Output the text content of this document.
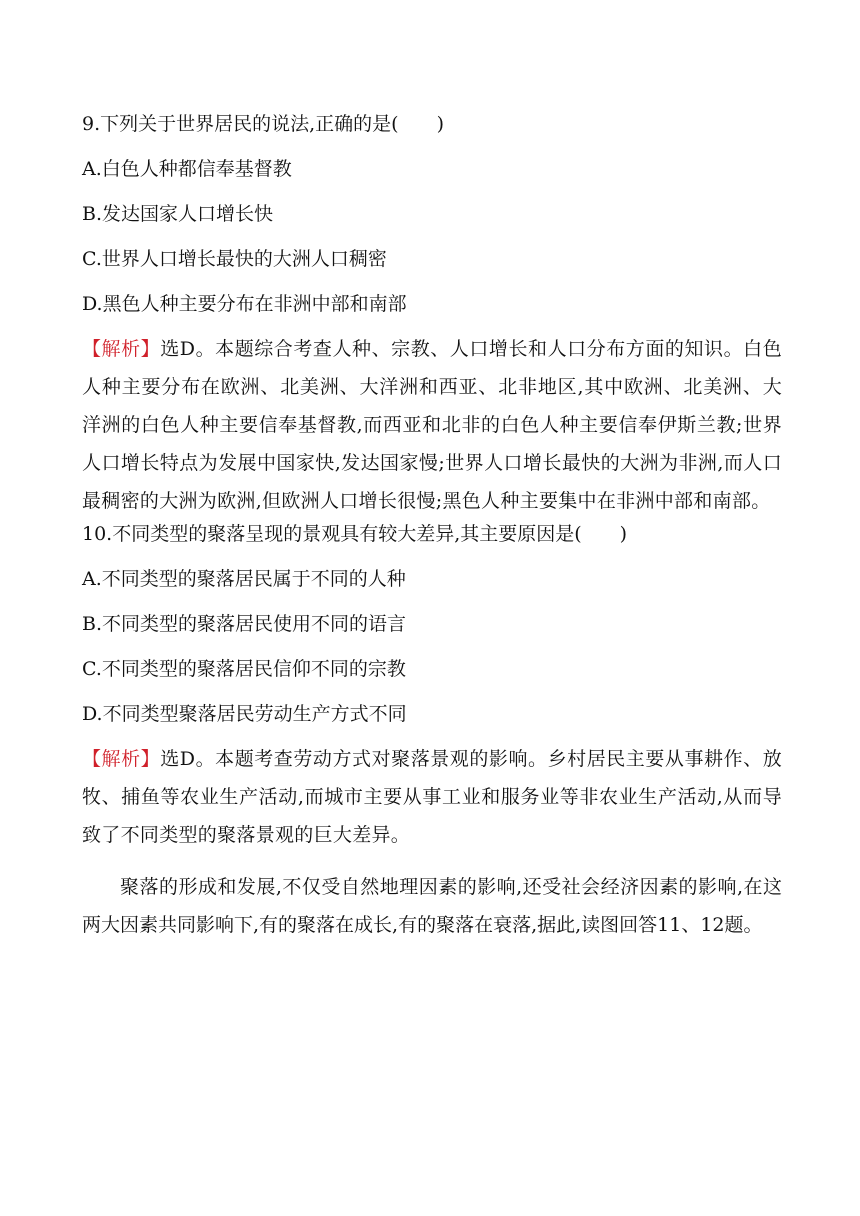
9.下列关于世界居民的说法,正确的是(　　)

A.白色人种都信奉基督教

B.发达国家人口增长快

C.世界人口增长最快的大洲人口稠密

D.黑色人种主要分布在非洲中部和南部

【解析】选D。本题综合考查人种、宗教、人口增长和人口分布方面的知识。白色人种主要分布在欧洲、北美洲、大洋洲和西亚、北非地区,其中欧洲、北美洲、大洋洲的白色人种主要信奉基督教,而西亚和北非的白色人种主要信奉伊斯兰教;世界人口增长特点为发展中国家快,发达国家慢;世界人口增长最快的大洲为非洲,而人口最稠密的大洲为欧洲,但欧洲人口增长很慢;黑色人种主要集中在非洲中部和南部。

10.不同类型的聚落呈现的景观具有较大差异,其主要原因是(　　)

A.不同类型的聚落居民属于不同的人种

B.不同类型的聚落居民使用不同的语言

C.不同类型的聚落居民信仰不同的宗教

D.不同类型聚落居民劳动生产方式不同

【解析】选D。本题考查劳动方式对聚落景观的影响。乡村居民主要从事耕作、放牧、捕鱼等农业生产活动,而城市主要从事工业和服务业等非农业生产活动,从而导致了不同类型的聚落景观的巨大差异。

聚落的形成和发展,不仅受自然地理因素的影响,还受社会经济因素的影响,在这两大因素共同影响下,有的聚落在成长,有的聚落在衰落,据此,读图回答11、12题。
